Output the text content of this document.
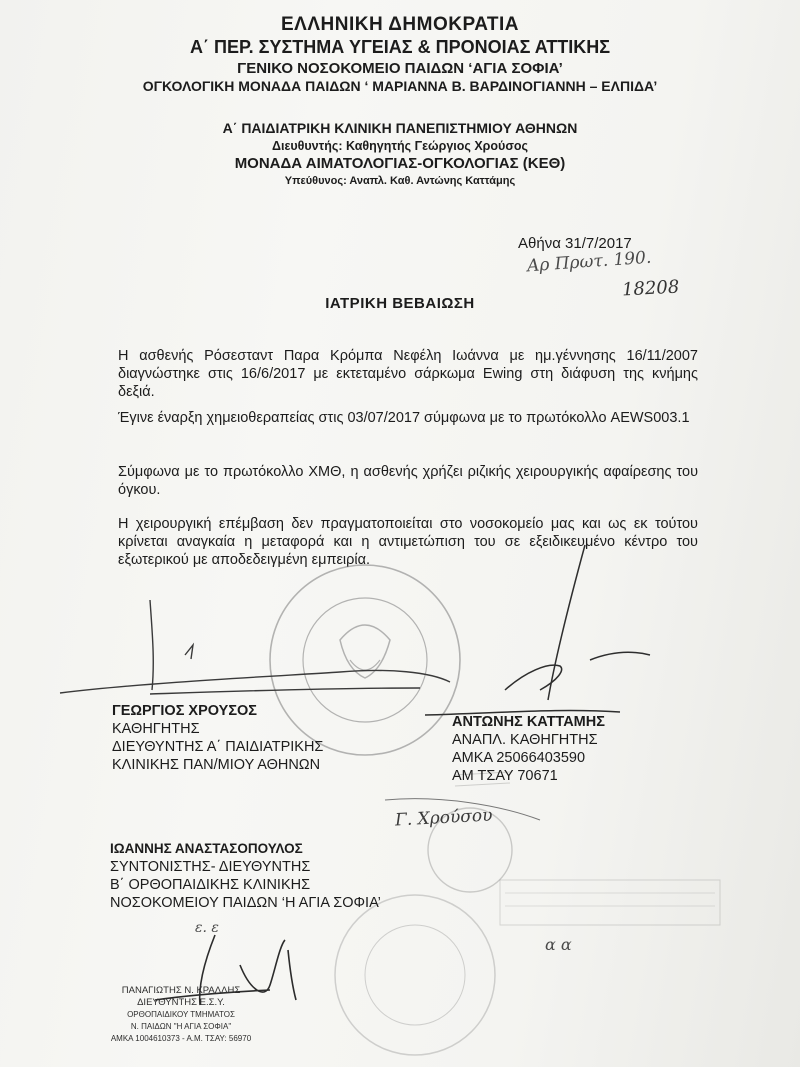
ΕΛΛΗΝΙΚΗ ΔΗΜΟΚΡΑΤΙΑ
Α΄ ΠΕΡ. ΣΥΣΤΗΜΑ ΥΓΕΙΑΣ & ΠΡΟΝΟΙΑΣ ΑΤΤΙΚΗΣ
ΓΕΝΙΚΟ ΝΟΣΟΚΟΜΕΙΟ ΠΑΙΔΩΝ ‘ΑΓΙΑ ΣΟΦΙΑ’
ΟΓΚΟΛΟΓΙΚΗ ΜΟΝΑΔΑ ΠΑΙΔΩΝ ‘ ΜΑΡΙΑΝΝΑ Β. ΒΑΡΔΙΝΟΓΙΑΝΝΗ – ΕΛΠΙΔΑ’
Α΄ ΠΑΙΔΙΑΤΡΙΚΗ ΚΛΙΝΙΚΗ ΠΑΝΕΠΙΣΤΗΜΙΟΥ ΑΘΗΝΩΝ
Διευθυντής: Καθηγητής Γεώργιος Χρούσος
ΜΟΝΑΔΑ ΑΙΜΑΤΟΛΟΓΙΑΣ-ΟΓΚΟΛΟΓΙΑΣ (ΚΕΘ)
Υπεύθυνος: Αναπλ. Καθ. Αντώνης Καττάμης
Αθήνα 31/7/2017
Αρ Πρωτ. 190.
18208
ΙΑΤΡΙΚΗ ΒΕΒΑΙΩΣΗ
Η ασθενής Ρόσεσταντ Παρα Κρόμπα Νεφέλη Ιωάννα με ημ.γέννησης 16/11/2007 διαγνώστηκε στις 16/6/2017 με εκτεταμένο σάρκωμα Ewing στη διάφυση της κνήμης δεξιά.
Έγινε έναρξη χημειοθεραπείας στις 03/07/2017 σύμφωνα με το πρωτόκολλο AEWS003.1
Σύμφωνα με το πρωτόκολλο ΧΜΘ, η ασθενής χρήζει ριζικής χειρουργικής αφαίρεσης του όγκου.
Η χειρουργική επέμβαση δεν πραγματοποιείται στο νοσοκομείο μας και ως εκ τούτου κρίνεται αναγκαία η μεταφορά και η αντιμετώπιση του σε εξειδικευμένο κέντρο του εξωτερικού με αποδεδειγμένη εμπειρία.
Γ. Χρούσου
ε. ε
α α
ΓΕΩΡΓΙΟΣ ΧΡΟΥΣΟΣ
ΚΑΘΗΓΗΤΗΣ
ΔΙΕΥΘΥΝΤΗΣ Α΄ ΠΑΙΔΙΑΤΡΙΚΗΣ
ΚΛΙΝΙΚΗΣ ΠΑΝ/ΜΙΟΥ ΑΘΗΝΩΝ
ΑΝΤΩΝΗΣ ΚΑΤΤΑΜΗΣ
ΑΝΑΠΛ. ΚΑΘΗΓΗΤΗΣ
ΑΜΚΑ 25066403590
ΑΜ ΤΣΑΥ 70671
ΙΩΑΝΝΗΣ ΑΝΑΣΤΑΣΟΠΟΥΛΟΣ
ΣΥΝΤΟΝΙΣΤΗΣ- ΔΙΕΥΘΥΝΤΗΣ
Β΄ ΟΡΘΟΠΑΙΔΙΚΗΣ ΚΛΙΝΙΚΗΣ
ΝΟΣΟΚΟΜΕΙΟΥ ΠΑΙΔΩΝ ‘Η ΑΓΙΑ ΣΟΦΙΑ’
ΠΑΝΑΓΙΩΤΗΣ Ν. ΚΡΑΛΛΗΣ
ΔΙΕΥΘΥΝΤΗΣ Ε.Σ.Υ.
ΟΡΘΟΠΑΙΔΙΚΟΥ ΤΜΗΜΑΤΟΣ
Ν. ΠΑΙΔΩΝ "Η ΑΓΙΑ ΣΟΦΙΑ"
ΑΜΚΑ 1004610373 - Α.Μ. ΤΣΑΥ: 56970
